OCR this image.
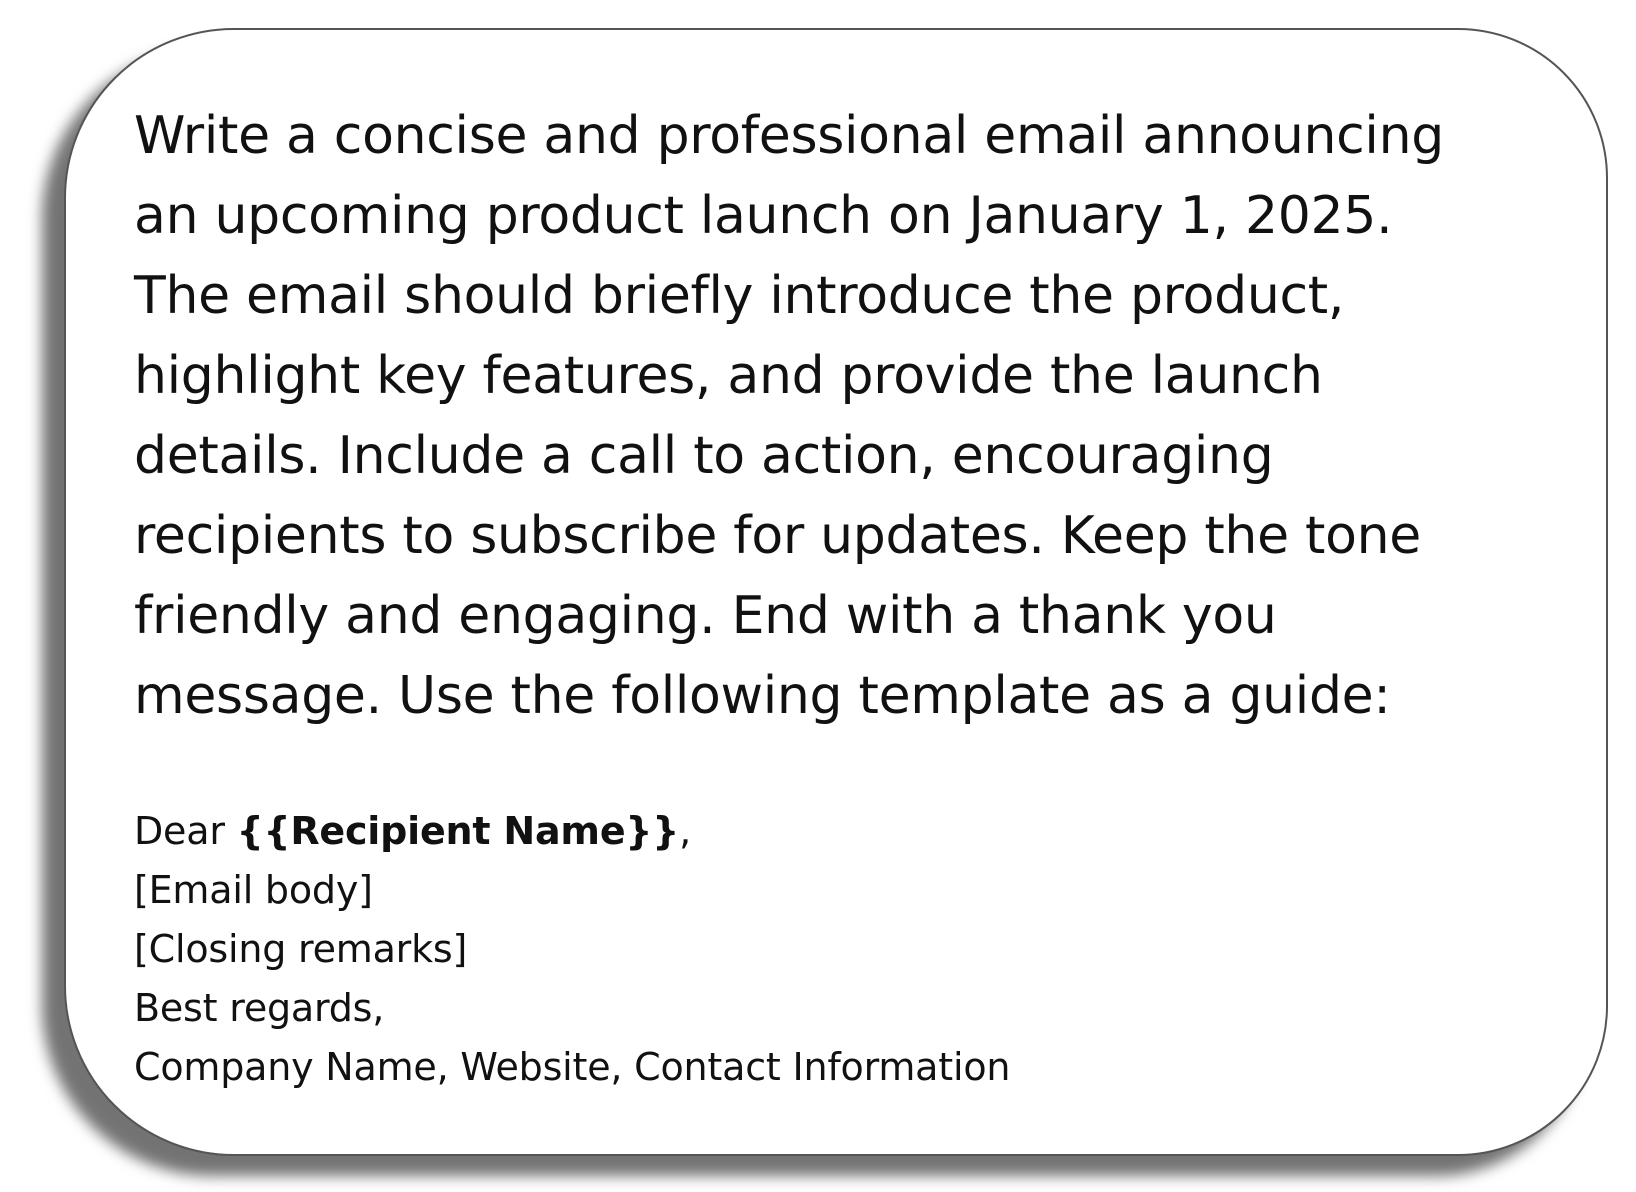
Write a concise and professional email announcing
an upcoming product launch on January 1, 2025.
The email should briefly introduce the product,
highlight key features, and provide the launch
details. Include a call to action, encouraging
recipients to subscribe for updates. Keep the tone
friendly and engaging. End with a thank you
message. Use the following template as a guide:
Dear {{Recipient Name}},
[Email body]
[Closing remarks]
Best regards,
Company Name, Website, Contact Information
